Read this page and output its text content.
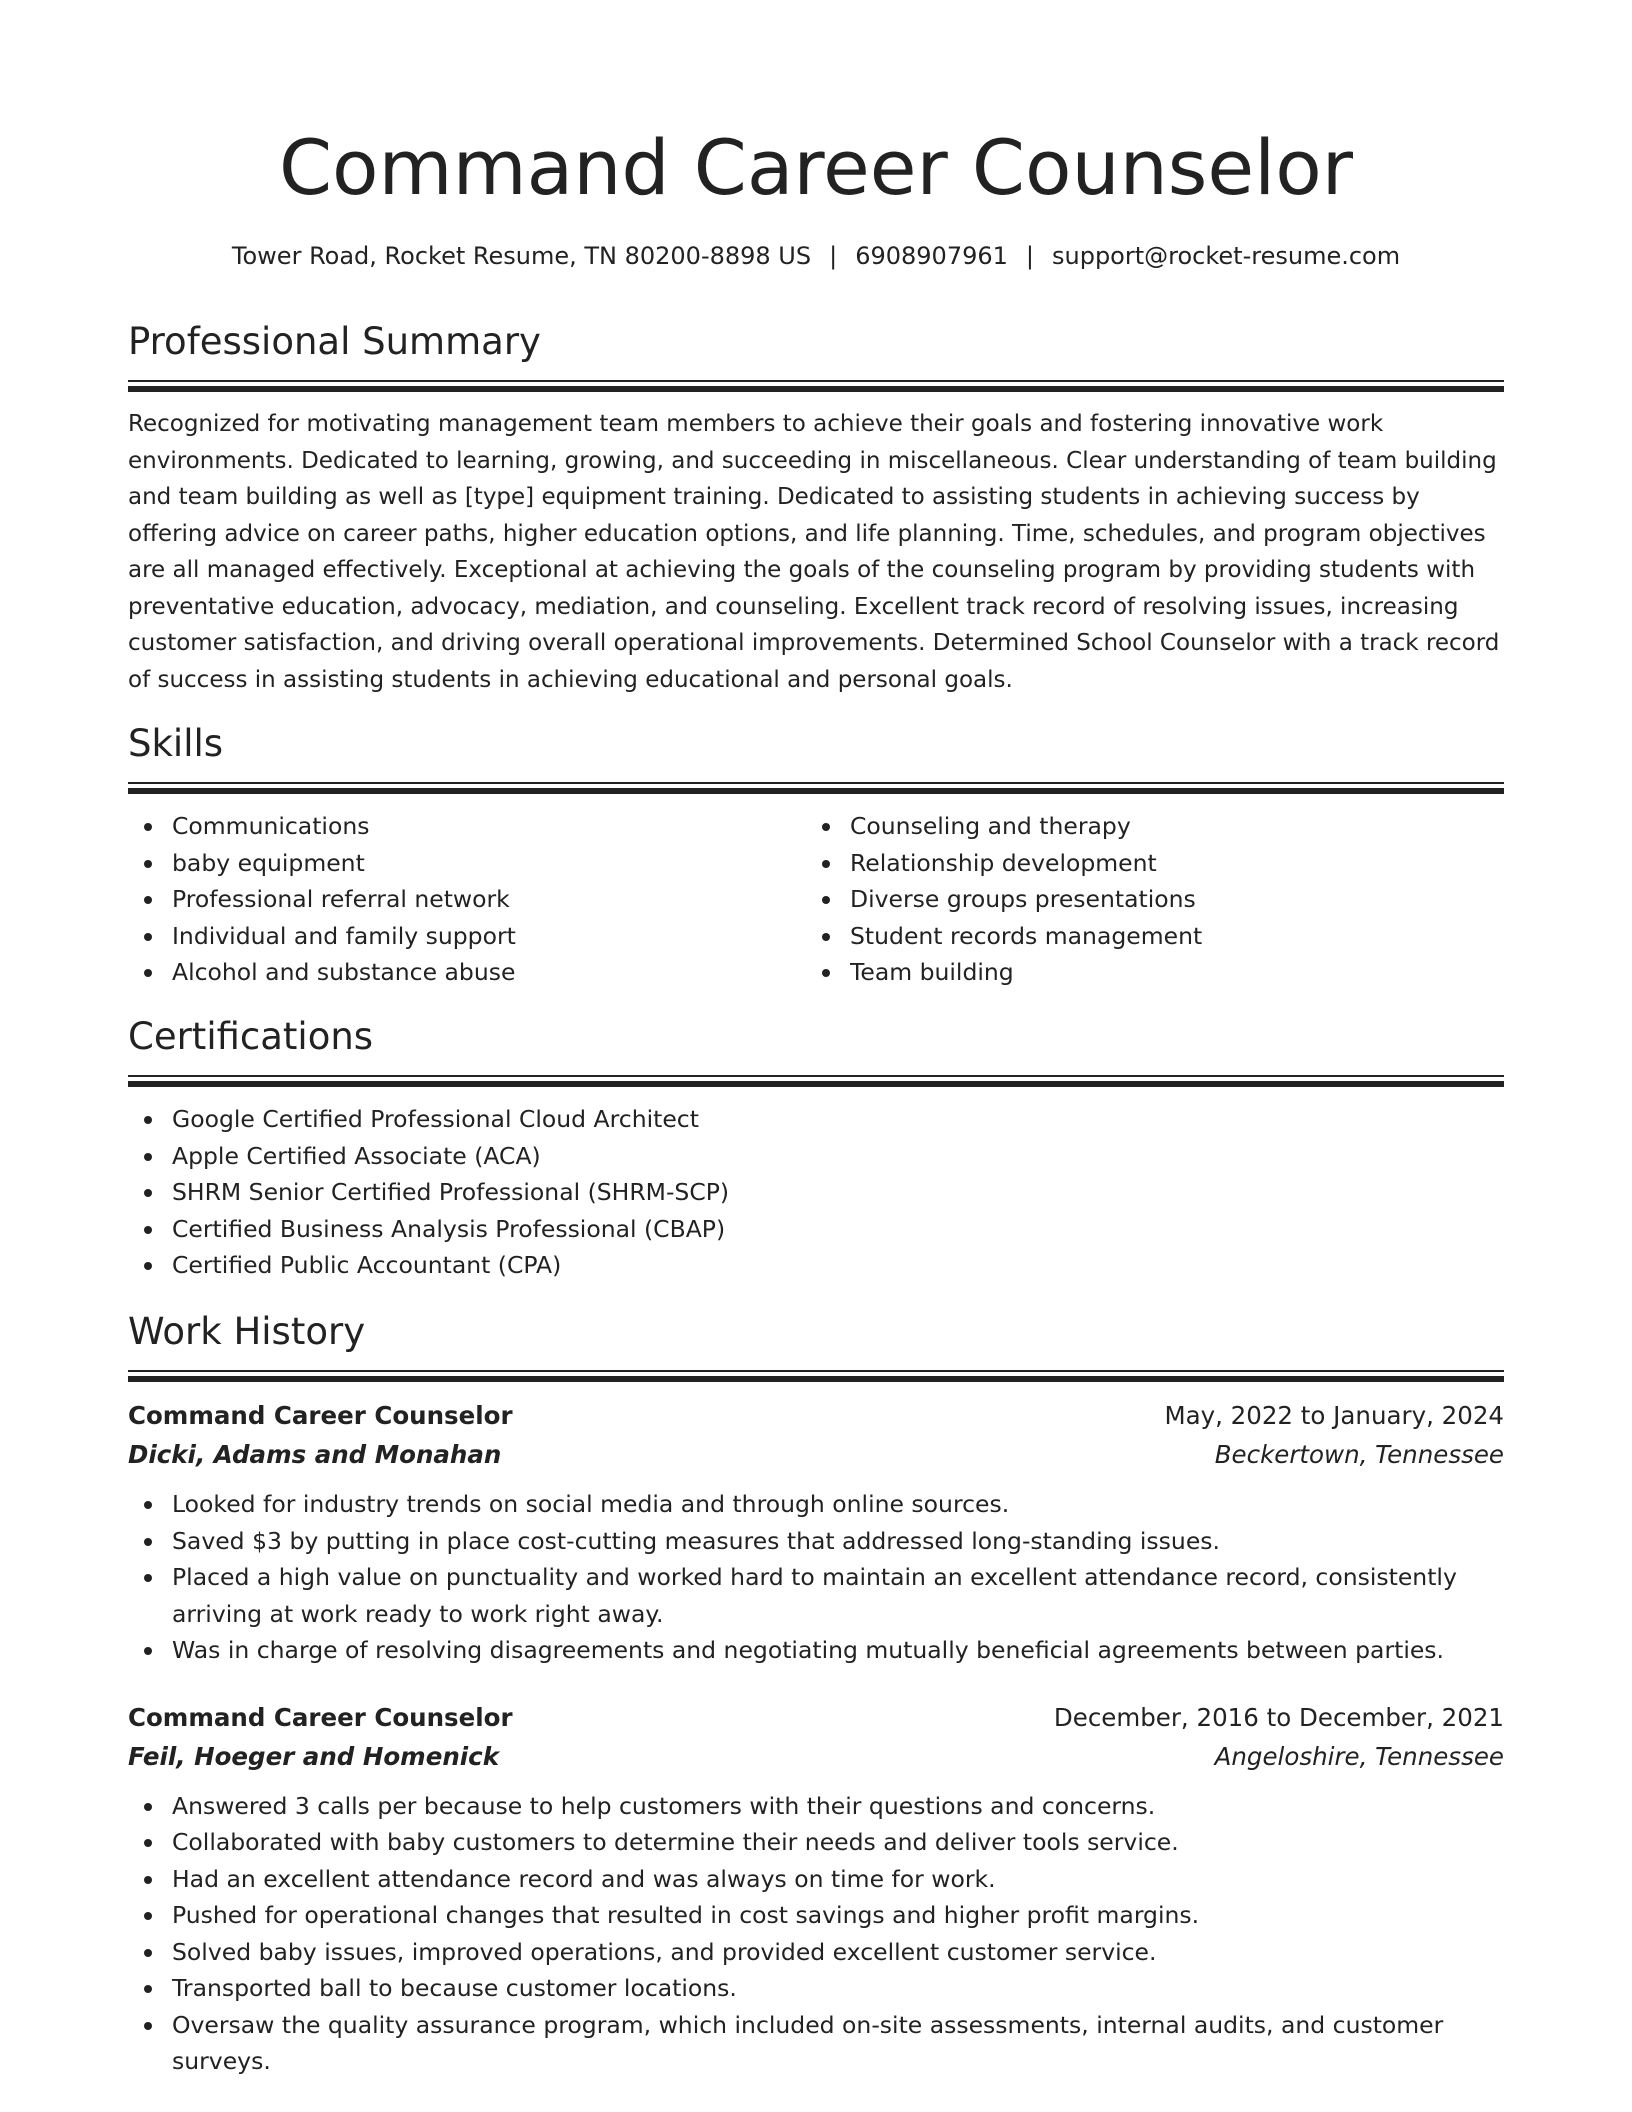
Command Career Counselor
Tower Road, Rocket Resume, TN 80200-8898 US | 6908907961 | support@rocket-resume.com
Professional Summary
Recognized for motivating management team members to achieve their goals and fostering innovative work environments. Dedicated to learning, growing, and succeeding in miscellaneous. Clear understanding of team building and team building as well as [type] equipment training. Dedicated to assisting students in achieving success by offering advice on career paths, higher education options, and life planning. Time, schedules, and program objectives are all managed effectively. Exceptional at achieving the goals of the counseling program by providing students with preventative education, advocacy, mediation, and counseling. Excellent track record of resolving issues, increasing customer satisfaction, and driving overall operational improvements. Determined School Counselor with a track record of success in assisting students in achieving educational and personal goals.
Skills
Communications
baby equipment
Professional referral network
Individual and family support
Alcohol and substance abuse
Counseling and therapy
Relationship development
Diverse groups presentations
Student records management
Team building
Certifications
Google Certified Professional Cloud Architect
Apple Certified Associate (ACA)
SHRM Senior Certified Professional (SHRM-SCP)
Certified Business Analysis Professional (CBAP)
Certified Public Accountant (CPA)
Work History
Command Career Counselor	May, 2022 to January, 2024
Dicki, Adams and Monahan	Beckertown, Tennessee
Looked for industry trends on social media and through online sources.
Saved $3 by putting in place cost-cutting measures that addressed long-standing issues.
Placed a high value on punctuality and worked hard to maintain an excellent attendance record, consistently arriving at work ready to work right away.
Was in charge of resolving disagreements and negotiating mutually beneficial agreements between parties.
Command Career Counselor	December, 2016 to December, 2021
Feil, Hoeger and Homenick	Angeloshire, Tennessee
Answered 3 calls per because to help customers with their questions and concerns.
Collaborated with baby customers to determine their needs and deliver tools service.
Had an excellent attendance record and was always on time for work.
Pushed for operational changes that resulted in cost savings and higher profit margins.
Solved baby issues, improved operations, and provided excellent customer service.
Transported ball to because customer locations.
Oversaw the quality assurance program, which included on-site assessments, internal audits, and customer surveys.
